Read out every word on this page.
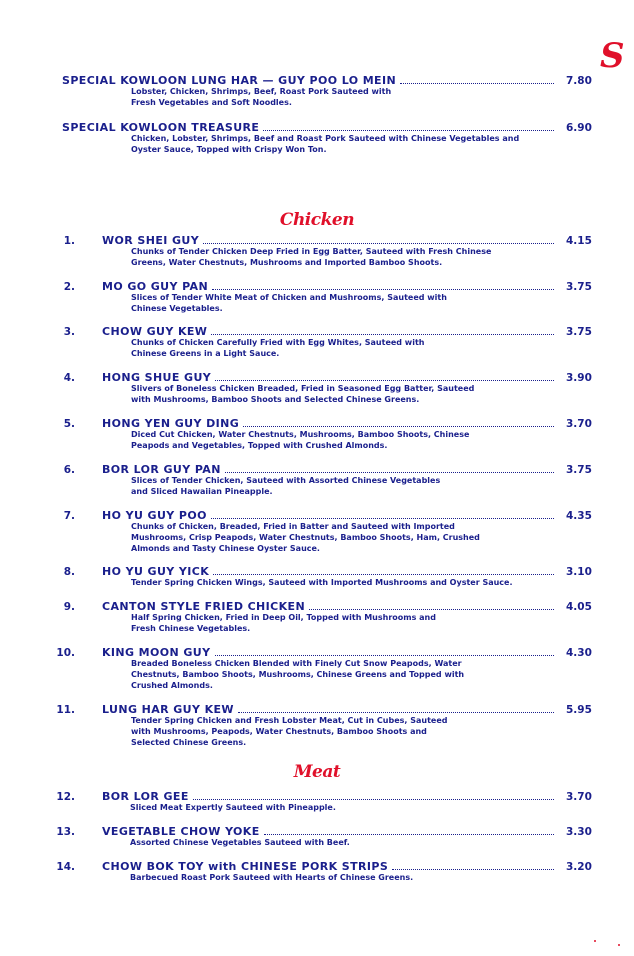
S
SPECIAL KOWLOON LUNG HAR — GUY POO LO MEIN	7.80
Lobster, Chicken, Shrimps, Beef, Roast Pork Sauteed with
Fresh Vegetables and Soft Noodles.
SPECIAL KOWLOON TREASURE	6.90
Chicken, Lobster, Shrimps, Beef and Roast Pork Sauteed with Chinese Vegetables and
Oyster Sauce, Topped with Crispy Won Ton.
Chicken
1. WOR SHEI GUY	4.15
Chunks of Tender Chicken Deep Fried in Egg Batter, Sauteed with Fresh Chinese
Greens, Water Chestnuts, Mushrooms and Imported Bamboo Shoots.
2. MO GO GUY PAN	3.75
Slices of Tender White Meat of Chicken and Mushrooms, Sauteed with
Chinese Vegetables.
3. CHOW GUY KEW	3.75
Chunks of Chicken Carefully Fried with Egg Whites, Sauteed with
Chinese Greens in a Light Sauce.
4. HONG SHUE GUY	3.90
Slivers of Boneless Chicken Breaded, Fried in Seasoned Egg Batter, Sauteed
with Mushrooms, Bamboo Shoots and Selected Chinese Greens.
5. HONG YEN GUY DING	3.70
Diced Cut Chicken, Water Chestnuts, Mushrooms, Bamboo Shoots, Chinese
Peapods and Vegetables, Topped with Crushed Almonds.
6. BOR LOR GUY PAN	3.75
Slices of Tender Chicken, Sauteed with Assorted Chinese Vegetables
and Sliced Hawaiian Pineapple.
7. HO YU GUY POO	4.35
Chunks of Chicken, Breaded, Fried in Batter and Sauteed with Imported
Mushrooms, Crisp Peapods, Water Chestnuts, Bamboo Shoots, Ham, Crushed
Almonds and Tasty Chinese Oyster Sauce.
8. HO YU GUY YICK	3.10
Tender Spring Chicken Wings, Sauteed with Imported Mushrooms and Oyster Sauce.
9. CANTON STYLE FRIED CHICKEN	4.05
Half Spring Chicken, Fried in Deep Oil, Topped with Mushrooms and
Fresh Chinese Vegetables.
10. KING MOON GUY	4.30
Breaded Boneless Chicken Blended with Finely Cut Snow Peapods, Water
Chestnuts, Bamboo Shoots, Mushrooms, Chinese Greens and Topped with
Crushed Almonds.
11. LUNG HAR GUY KEW	5.95
Tender Spring Chicken and Fresh Lobster Meat, Cut in Cubes, Sauteed
with Mushrooms, Peapods, Water Chestnuts, Bamboo Shoots and
Selected Chinese Greens.
Meat
12. BOR LOR GEE	3.70
Sliced Meat Expertly Sauteed with Pineapple.
13. VEGETABLE CHOW YOKE	3.30
Assorted Chinese Vegetables Sauteed with Beef.
14. CHOW BOK TOY with CHINESE PORK STRIPS	3.20
Barbecued Roast Pork Sauteed with Hearts of Chinese Greens.
